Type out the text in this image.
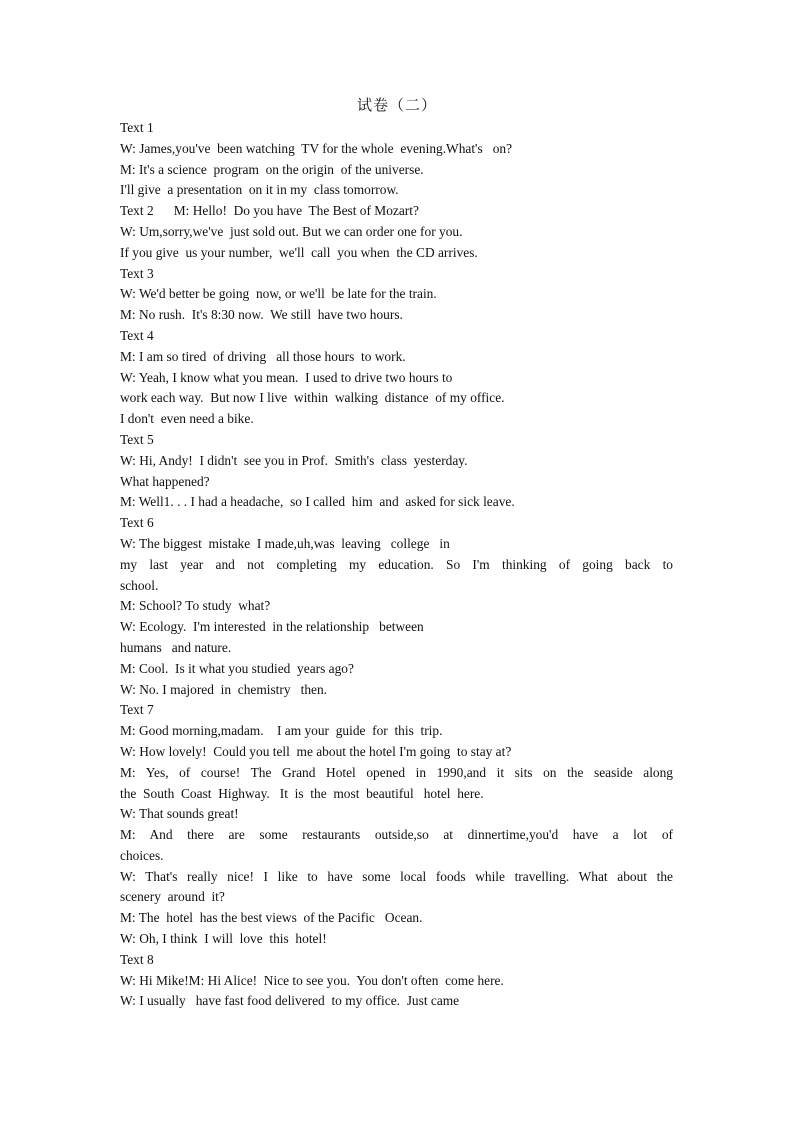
试卷（二）
Text 1
W: James,you've  been watching  TV for the whole  evening.What's   on?
M: It's a science  program  on the origin  of the universe.
I'll give  a presentation  on it in my  class tomorrow.
Text 2      M: Hello!  Do you have  The Best of Mozart?
W: Um,sorry,we've  just sold out. But we can order one for you.
If you give  us your number,  we'll  call  you when  the CD arrives.
Text 3
W: We'd better be going  now, or we'll  be late for the train.
M: No rush.  It's 8:30 now.  We still  have two hours.
Text 4
M: I am so tired  of driving   all those hours  to work.
W: Yeah, I know what you mean.  I used to drive two hours to
work each way.  But now I live  within  walking  distance  of my office.
I don't  even need a bike.
Text 5
W: Hi, Andy!  I didn't  see you in Prof.  Smith's  class  yesterday.
What happened?
M: Well1. . . I had a headache,  so I called  him  and  asked for sick leave.
Text 6
W: The biggest  mistake  I made,uh,was  leaving   college   in
my last year and not completing my education. So I'm thinking of going back to
school.
M: School? To study  what?
W: Ecology.  I'm interested  in the relationship   between
humans   and nature.
M: Cool.  Is it what you studied  years ago?
W: No. I majored  in  chemistry   then.
Text 7
M: Good morning,madam.    I am your  guide  for  this  trip.
W: How lovely!  Could you tell  me about the hotel I'm going  to stay at?
M: Yes, of course! The Grand Hotel opened in 1990,and it sits on the seaside along
the  South  Coast  Highway.   It  is  the  most  beautiful   hotel  here.
W: That sounds great!
M: And there are some restaurants outside,so at dinnertime,you'd have a lot of
choices.
W: That's really nice! I like to have some local foods while travelling. What about the
scenery  around  it?
M: The  hotel  has the best views  of the Pacific   Ocean.
W: Oh, I think  I will  love  this  hotel!
Text 8
W: Hi Mike!M: Hi Alice!  Nice to see you.  You don't often  come here.
W: I usually   have fast food delivered  to my office.  Just came
